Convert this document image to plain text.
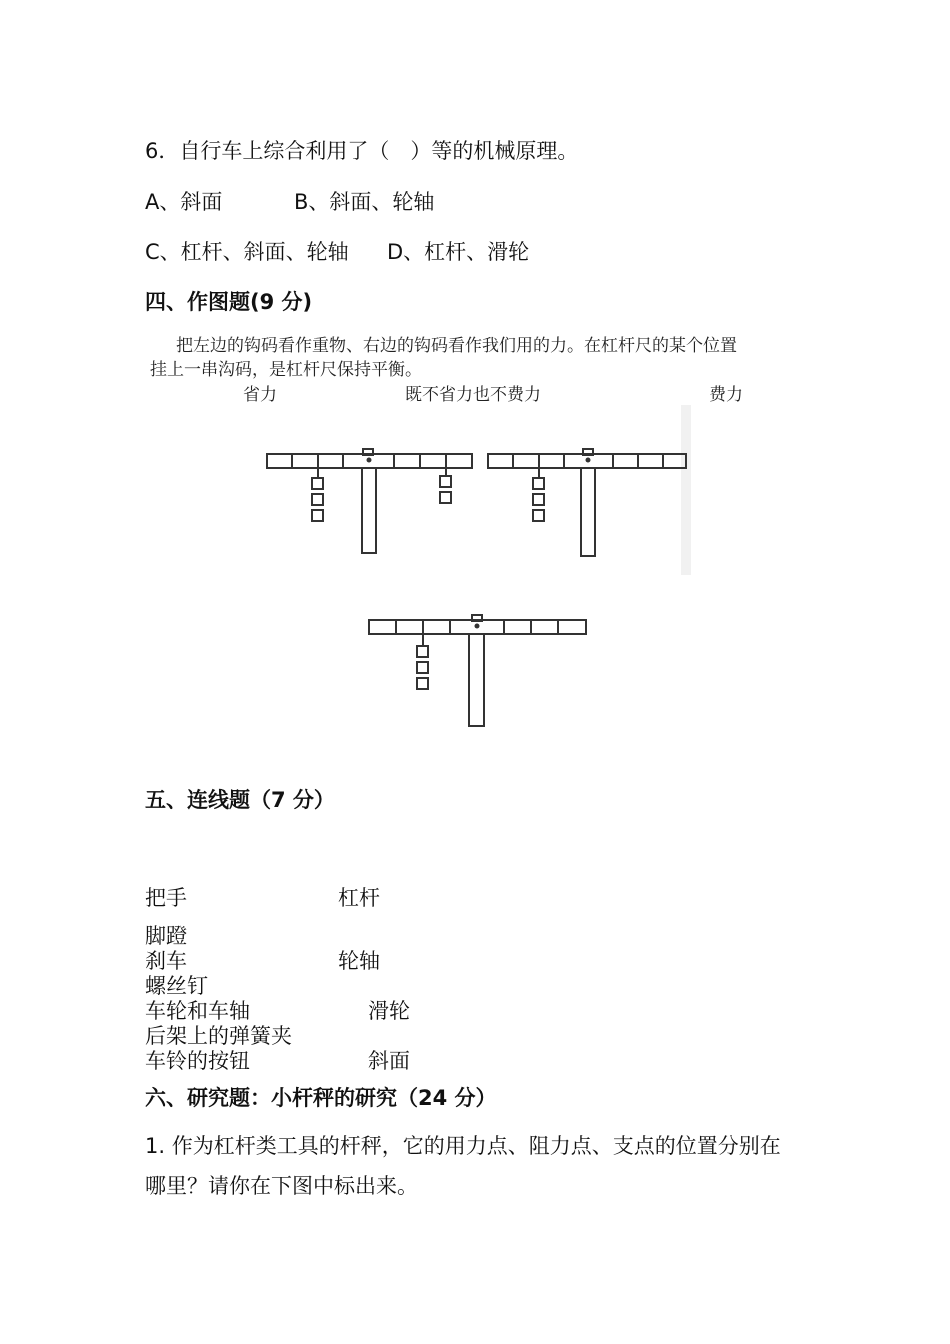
6．自行车上综合利用了（　）等的机械原理。
A、斜面	B、斜面、轮轴
C、杠杆、斜面、轮轴 D、杠杆、滑轮
四、作图题(9 分)
把左边的钩码看作重物、右边的钩码看作我们用的力。在杠杆尺的某个位置
挂上一串沟码，是杠杆尺保持平衡。
省力	既不省力也不费力	费力
五、连线题（7 分）
把手
脚蹬
刹车
螺丝钉
车轮和车轴
后架上的弹簧夹
车铃的按钮
杠杆
轮轴
滑轮
斜面
六、研究题：小杆秤的研究（24 分）
1. 作为杠杆类工具的杆秤，它的用力点、阻力点、支点的位置分别在
哪里？请你在下图中标出来。
